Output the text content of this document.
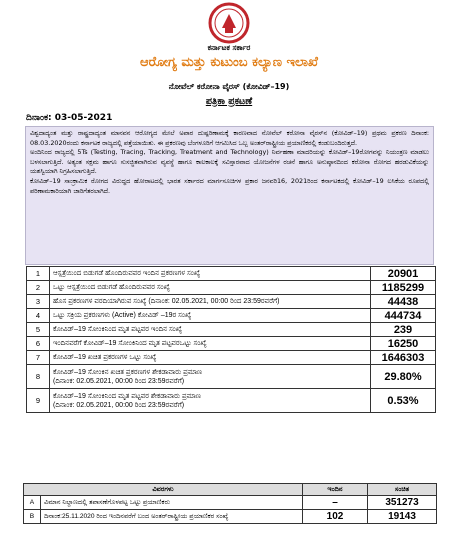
ಕರ್ನಾಟಕ ಸರ್ಕಾರ
ಆರೋಗ್ಯ ಮತ್ತು ಕುಟುಂಬ ಕಲ್ಯಾಣ ಇಲಾಖೆ
ನೋವೆಲ್ ಕರೋನಾ ವೈರಸ್ (ಕೋವಿಡ್–19)
ಪತ್ರಿಕಾ ಪ್ರಕಟಣೆ
ದಿನಾಂಕ: 03-05-2021

ವಿಶ್ವದಾದ್ಯಂತ ಮತ್ತು ರಾಷ್ಟ್ರದಾದ್ಯಂತ ಮಾನವನ ಆರೋಗ್ಯದ ಮೇಲೆ ಅಪಾರ ದುಷ್ಪರಿಣಾಮಕ್ಕೆ ಕಾರಣವಾದ ನೋವೆಲ್ ಕರೋನಾ ವೈರಸ್‌ನ (ಕೋವಿಡ್–19) ಪ್ರಥಮ ಪ್ರಕರಣ ದಿನಾಂಕ: 08.03.2020ರಂದು ಕರ್ನಾಟಕ ರಾಜ್ಯದಲ್ಲಿ ಪತ್ತೆಯಾಯಿತು. ಈ ಪ್ರಕರಣವು ಬೆಂಗಳೂರಿಗೆ ಆಗಮಿಸಿದ ಒಬ್ಬ ಅಂತರ್‌ರಾಷ್ಟ್ರೀಯ ಪ್ರಯಾಣಿಕರಲ್ಲಿ ಕಂಡುಬಂದಿರುತ್ತದೆ.

ಅಂದಿನಿಂದ ರಾಜ್ಯದಲ್ಲಿ 5Ts (Testing, Tracing, Tracking, Treatment and Technology) ನಿರ್ವಹಣಾ ಮಾದರಿಯನ್ನು ಕೋವಿಡ್–19ರೋಗವನ್ನು ನಿಯಂತ್ರಣ ಮಾಡಲು ಬಳಸಲಾಗುತ್ತಿದೆ. ಅತ್ಯಂತ ಸಕ್ಷಮ ಹಾಗೂ ಸುಸಜ್ಜಿತವಾಗಿರುವ ವ್ಯವಸ್ಥೆ ಹಾಗೂ ಕಾಲಕಾಲಕ್ಕೆ ಸವಿಸ್ತಾರವಾದ ಯೋಜನೆಗಳ ರಚನೆ ಹಾಗೂ ಅನುಷ್ಠಾನದಿಂದ ಕರೋನಾ ರೋಗದ ಹರಡುವಿಕೆಯನ್ನು ಯಶಸ್ವಿಯಾಗಿ ನಿಗ್ರಹಿಸಲಾಗುತ್ತಿದೆ.

ಕೋವಿಡ್–19 ಸಾಂಕ್ರಾಮಿಕ ರೋಗದ ವಿರುದ್ಧದ ಹೋರಾಟದಲ್ಲಿ ಭಾರತ ಸರ್ಕಾರದ ಮಾರ್ಗಸೂಚಿಗಳ ಪ್ರಕಾರ ಜನವರಿ16, 2021ರಿಂದ ಕರ್ನಾಟಕದಲ್ಲಿ ಕೋವಿಡ್–19 ಲಸಿಕೆಯ ರೂಪದಲ್ಲಿ ಪರಿಣಾಮಕಾರಿಯಾಗಿ ಜಾರಿಗೆತರಲಾಗಿದೆ.

1	ಆಸ್ಪತ್ರೆಯಿಂದ ಬಿಡುಗಡೆ ಹೊಂದಿರುವವರ ಇಂದಿನ ಪ್ರಕರಣಗಳ ಸಂಖ್ಯೆ	20901
2	ಒಟ್ಟು ಆಸ್ಪತ್ರೆಯಿಂದ ಬಿಡುಗಡೆ ಹೊಂದಿರುವವರ ಸಂಖ್ಯೆ	1185299
3	ಹೊಸ ಪ್ರಕರಣಗಳ ವರದಿಯಾಗಿರುವ ಸಂಖ್ಯೆ (ದಿನಾಂಕ: 02.05.2021, 00:00 ರಿಂದ 23:59ರವರೆಗೆ)	44438
4	ಒಟ್ಟು ಸಕ್ರಿಯ ಪ್ರಕರಣಗಳು (Active) ಕೋವಿಡ್ –19ರ ಸಂಖ್ಯೆ	444734
5	ಕೋವಿಡ್–19 ಸೋಂಕಿನಿಂದ ಮೃತ ಪಟ್ಟವರ ಇಂದಿನ ಸಂಖ್ಯೆ	239
6	ಇಂದಿನವರೆಗೆ ಕೋವಿಡ್–19 ಸೋಂಕಿನಿಂದ ಮೃತ ಪಟ್ಟವರಒಟ್ಟು ಸಂಖ್ಯೆ	16250
7	ಕೋವಿಡ್–19 ಖಚಿತ ಪ್ರಕರಣಗಳ ಒಟ್ಟು ಸಂಖ್ಯೆ	1646303
8	ಕೋವಿಡ್–19 ಸೋಂಕಿನ ಖಚಿತ ಪ್ರಕರಣಗಳ ಶೇಕಡಾವಾರು ಪ್ರಮಾಣ
(ದಿನಾಂಕ: 02.05.2021, 00:00 ರಿಂದ 23:59ರವರೆಗೆ)	29.80%
9	ಕೋವಿಡ್–19 ಸೋಂಕಿನಿಂದ ಮೃತ ಪಟ್ಟವರ ಶೇಕಡಾವಾರು ಪ್ರಮಾಣ
(ದಿನಾಂಕ: 02.05.2021, 00:00 ರಿಂದ 23:59ರವರೆಗೆ)	0.53%
ವಿವರಗಳು		ಇಂದಿನ	ಸಂಚಿತ
A	ವಿಮಾನ ನಿಲ್ದಾಣದಲ್ಲಿ ತಪಾಸಣೆಗೊಳಪಟ್ಟ ಒಟ್ಟು ಪ್ರಯಾಣಿಕರು	–	351273
B	ದಿನಾಂಕ:25.11.2020 ರಿಂದ ಇಂದಿನವರೆಗೆ ಬಂದ ಅಂತರ್‌ರಾಷ್ಟ್ರೀಯ ಪ್ರಯಾಣಿಕರ ಸಂಖ್ಯೆ	102	19143
